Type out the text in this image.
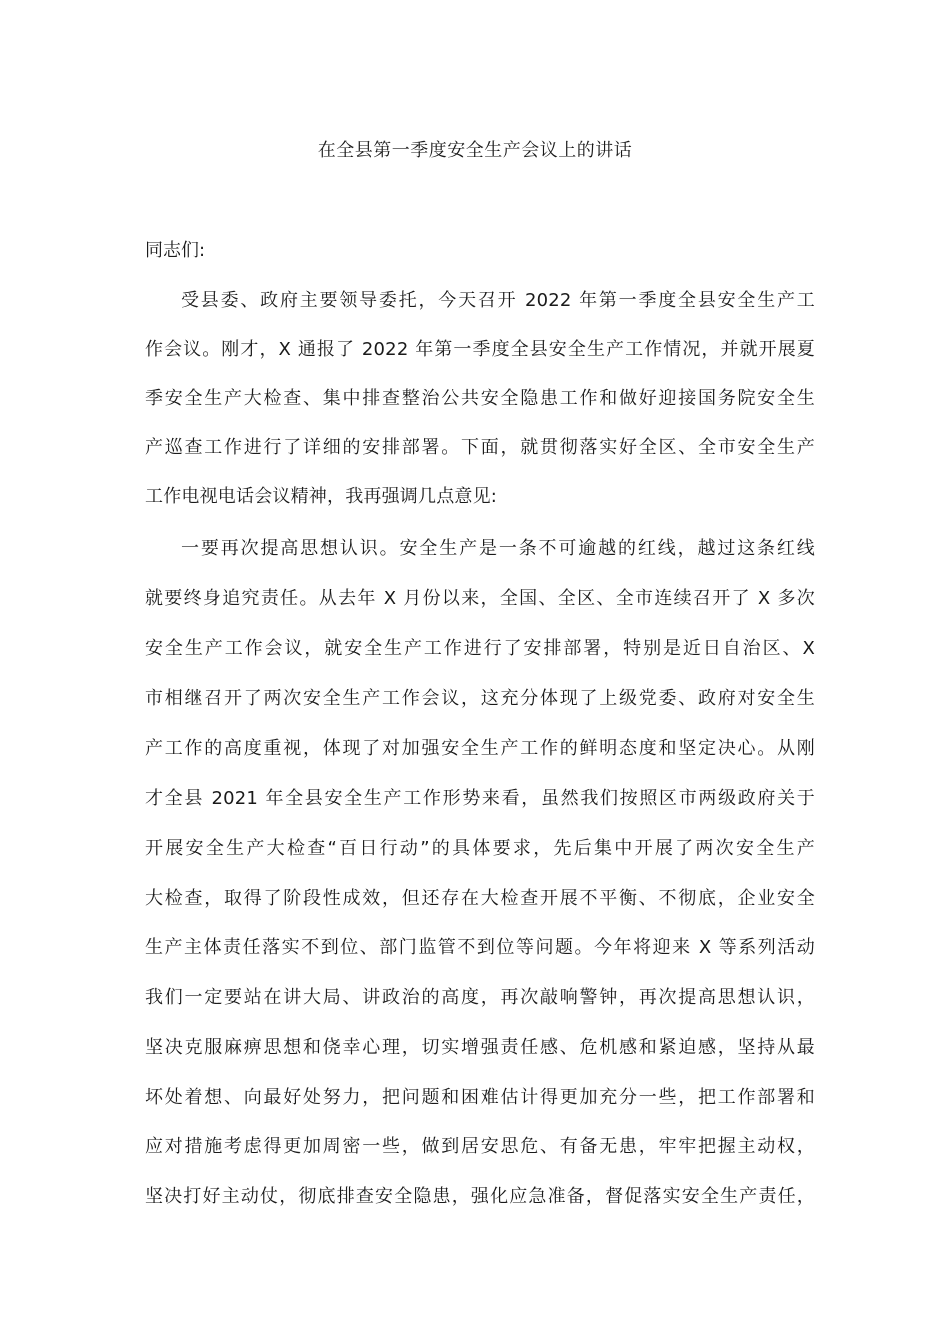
在全县第一季度安全生产会议上的讲话
同志们:
受县委、政府主要领导委托，今天召开 2022 年第一季度全县安全生产工
作会议。刚才，X 通报了 2022 年第一季度全县安全生产工作情况，并就开展夏
季安全生产大检查、集中排查整治公共安全隐患工作和做好迎接国务院安全生
产巡查工作进行了详细的安排部署。下面，就贯彻落实好全区、全市安全生产
工作电视电话会议精神，我再强调几点意见:
一要再次提高思想认识。安全生产是一条不可逾越的红线，越过这条红线
就要终身追究责任。从去年 X 月份以来，全国、全区、全市连续召开了 X 多次
安全生产工作会议，就安全生产工作进行了安排部署，特别是近日自治区、X
市相继召开了两次安全生产工作会议，这充分体现了上级党委、政府对安全生
产工作的高度重视，体现了对加强安全生产工作的鲜明态度和坚定决心。从刚
才全县 2021 年全县安全生产工作形势来看，虽然我们按照区市两级政府关于
开展安全生产大检查“百日行动”的具体要求，先后集中开展了两次安全生产
大检查，取得了阶段性成效，但还存在大检查开展不平衡、不彻底，企业安全
生产主体责任落实不到位、部门监管不到位等问题。今年将迎来 X 等系列活动
我们一定要站在讲大局、讲政治的高度，再次敲响警钟，再次提高思想认识，
坚决克服麻痹思想和侥幸心理，切实增强责任感、危机感和紧迫感，坚持从最
坏处着想、向最好处努力，把问题和困难估计得更加充分一些，把工作部署和
应对措施考虑得更加周密一些，做到居安思危、有备无患，牢牢把握主动权，
坚决打好主动仗，彻底排查安全隐患，强化应急准备，督促落实安全生产责任，
